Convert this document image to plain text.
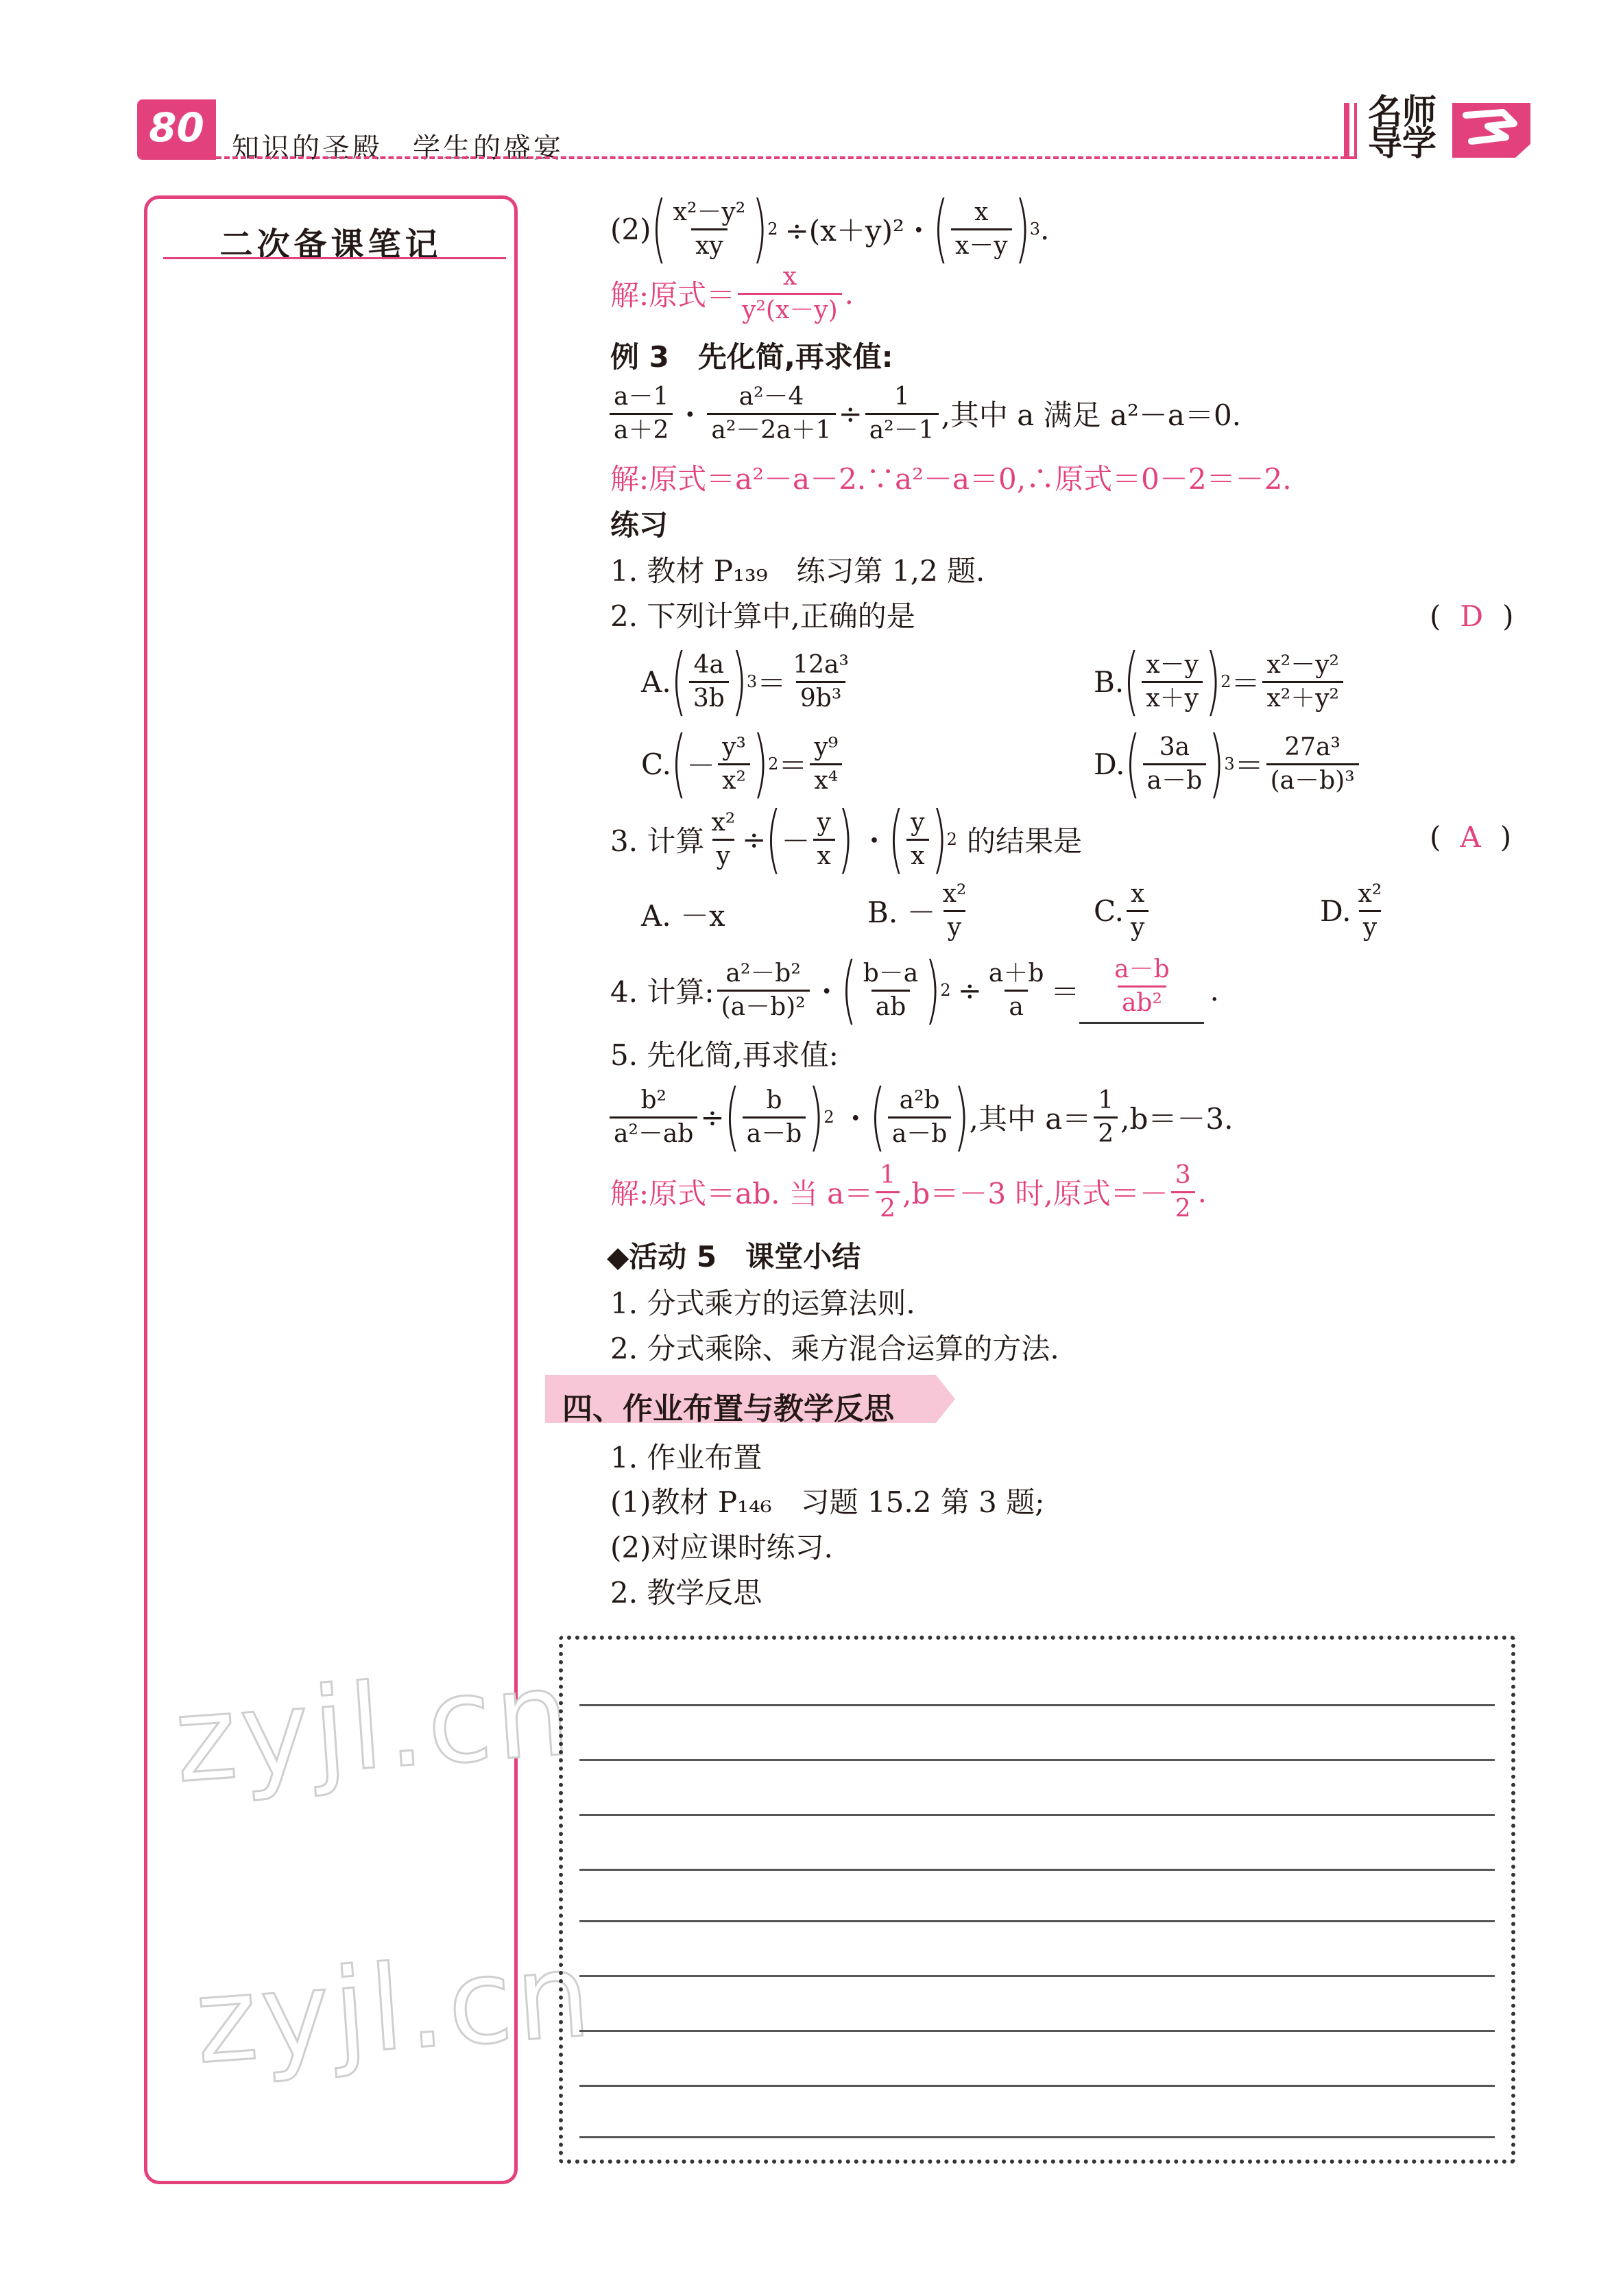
80	知识的圣殿　学生的盛宴
名师导学
二次备课笔记
zyjl.cn
zyjl.cn
(2) ( $\frac{\text{x²－y²}}{xy}$ ) 2 ÷(x＋y)²・ ( $\frac{x}{x-y}$ ) 3 .
解:原式＝ $\frac{x}{\text{y²(x－y)}}$ .
例 3　先化简,再求值:
$\frac{a-1}{a+2}$ ・ $\frac{\text{a²－4}}{\text{a²－2a＋1}} \div \frac{1}{\text{a²－1}}$ ,其中 a 满足 a²－a＝0.
解:原式＝a²－a－2.∵a²－a＝0,∴原式＝0－2＝－2.
练习
1. 教材 P₁₃₉　练习第 1,2 题.
2. 下列计算中,正确的是	( D )
A. ( $\frac{4a}{3b}$ ) $3 = \frac{\text{12a³}}{\text{9b³}}$	B. ( $\frac{x-y}{x+y}$ ) $2 = \frac{\text{x²－y²}}{\text{x²＋y²}}$
C. ( － $\frac{\text{y³}}{\text{x²}}$ ) $2 = \frac{\text{y⁹}}{\text{x⁴}}$	D. ( $\frac{3a}{a-b}$ ) $3 = \frac{\text{27a³}}{\text{(a－b)³}}$
3. 计算 $\frac{\text{x²}}{y}$ ÷ ( － $\frac{y}{x}$ ) ・ ( $\frac{y}{x}$ ) 2 的结果是	( A )
A. －x	B. － $\frac{\text{x²}}{y}$	C. $\frac{x}{y}$	D. $\frac{\text{x²}}{y}$
4. 计算: $\frac{\text{a²－b²}}{\text{(a－b)²}}$ ・ ( $\frac{b-a}{ab}$ ) $2 \div \frac{a+b}{a} = \frac{a-b}{\text{ab²}}$ .
5. 先化简,再求值:
$\frac{\text{b²}}{\text{a²－ab}}$ ÷ ( $\frac{b}{a-b}$ ) 2 ・ ( $\frac{\text{a²b}}{a-b}$ ) ,其中 $a= \frac{1}{2} ,b=-3$.
解:原式＝ab. 当 $a= \frac{1}{2} ,b=-3$ 时,原式＝－ $\frac{3}{2}$ .
◆活动 5　课堂小结
1. 分式乘方的运算法则.
2. 分式乘除、乘方混合运算的方法.
四、作业布置与教学反思
1. 作业布置
(1)教材 P₁₄₆　习题 15.2 第 3 题;
(2)对应课时练习.
2. 教学反思
